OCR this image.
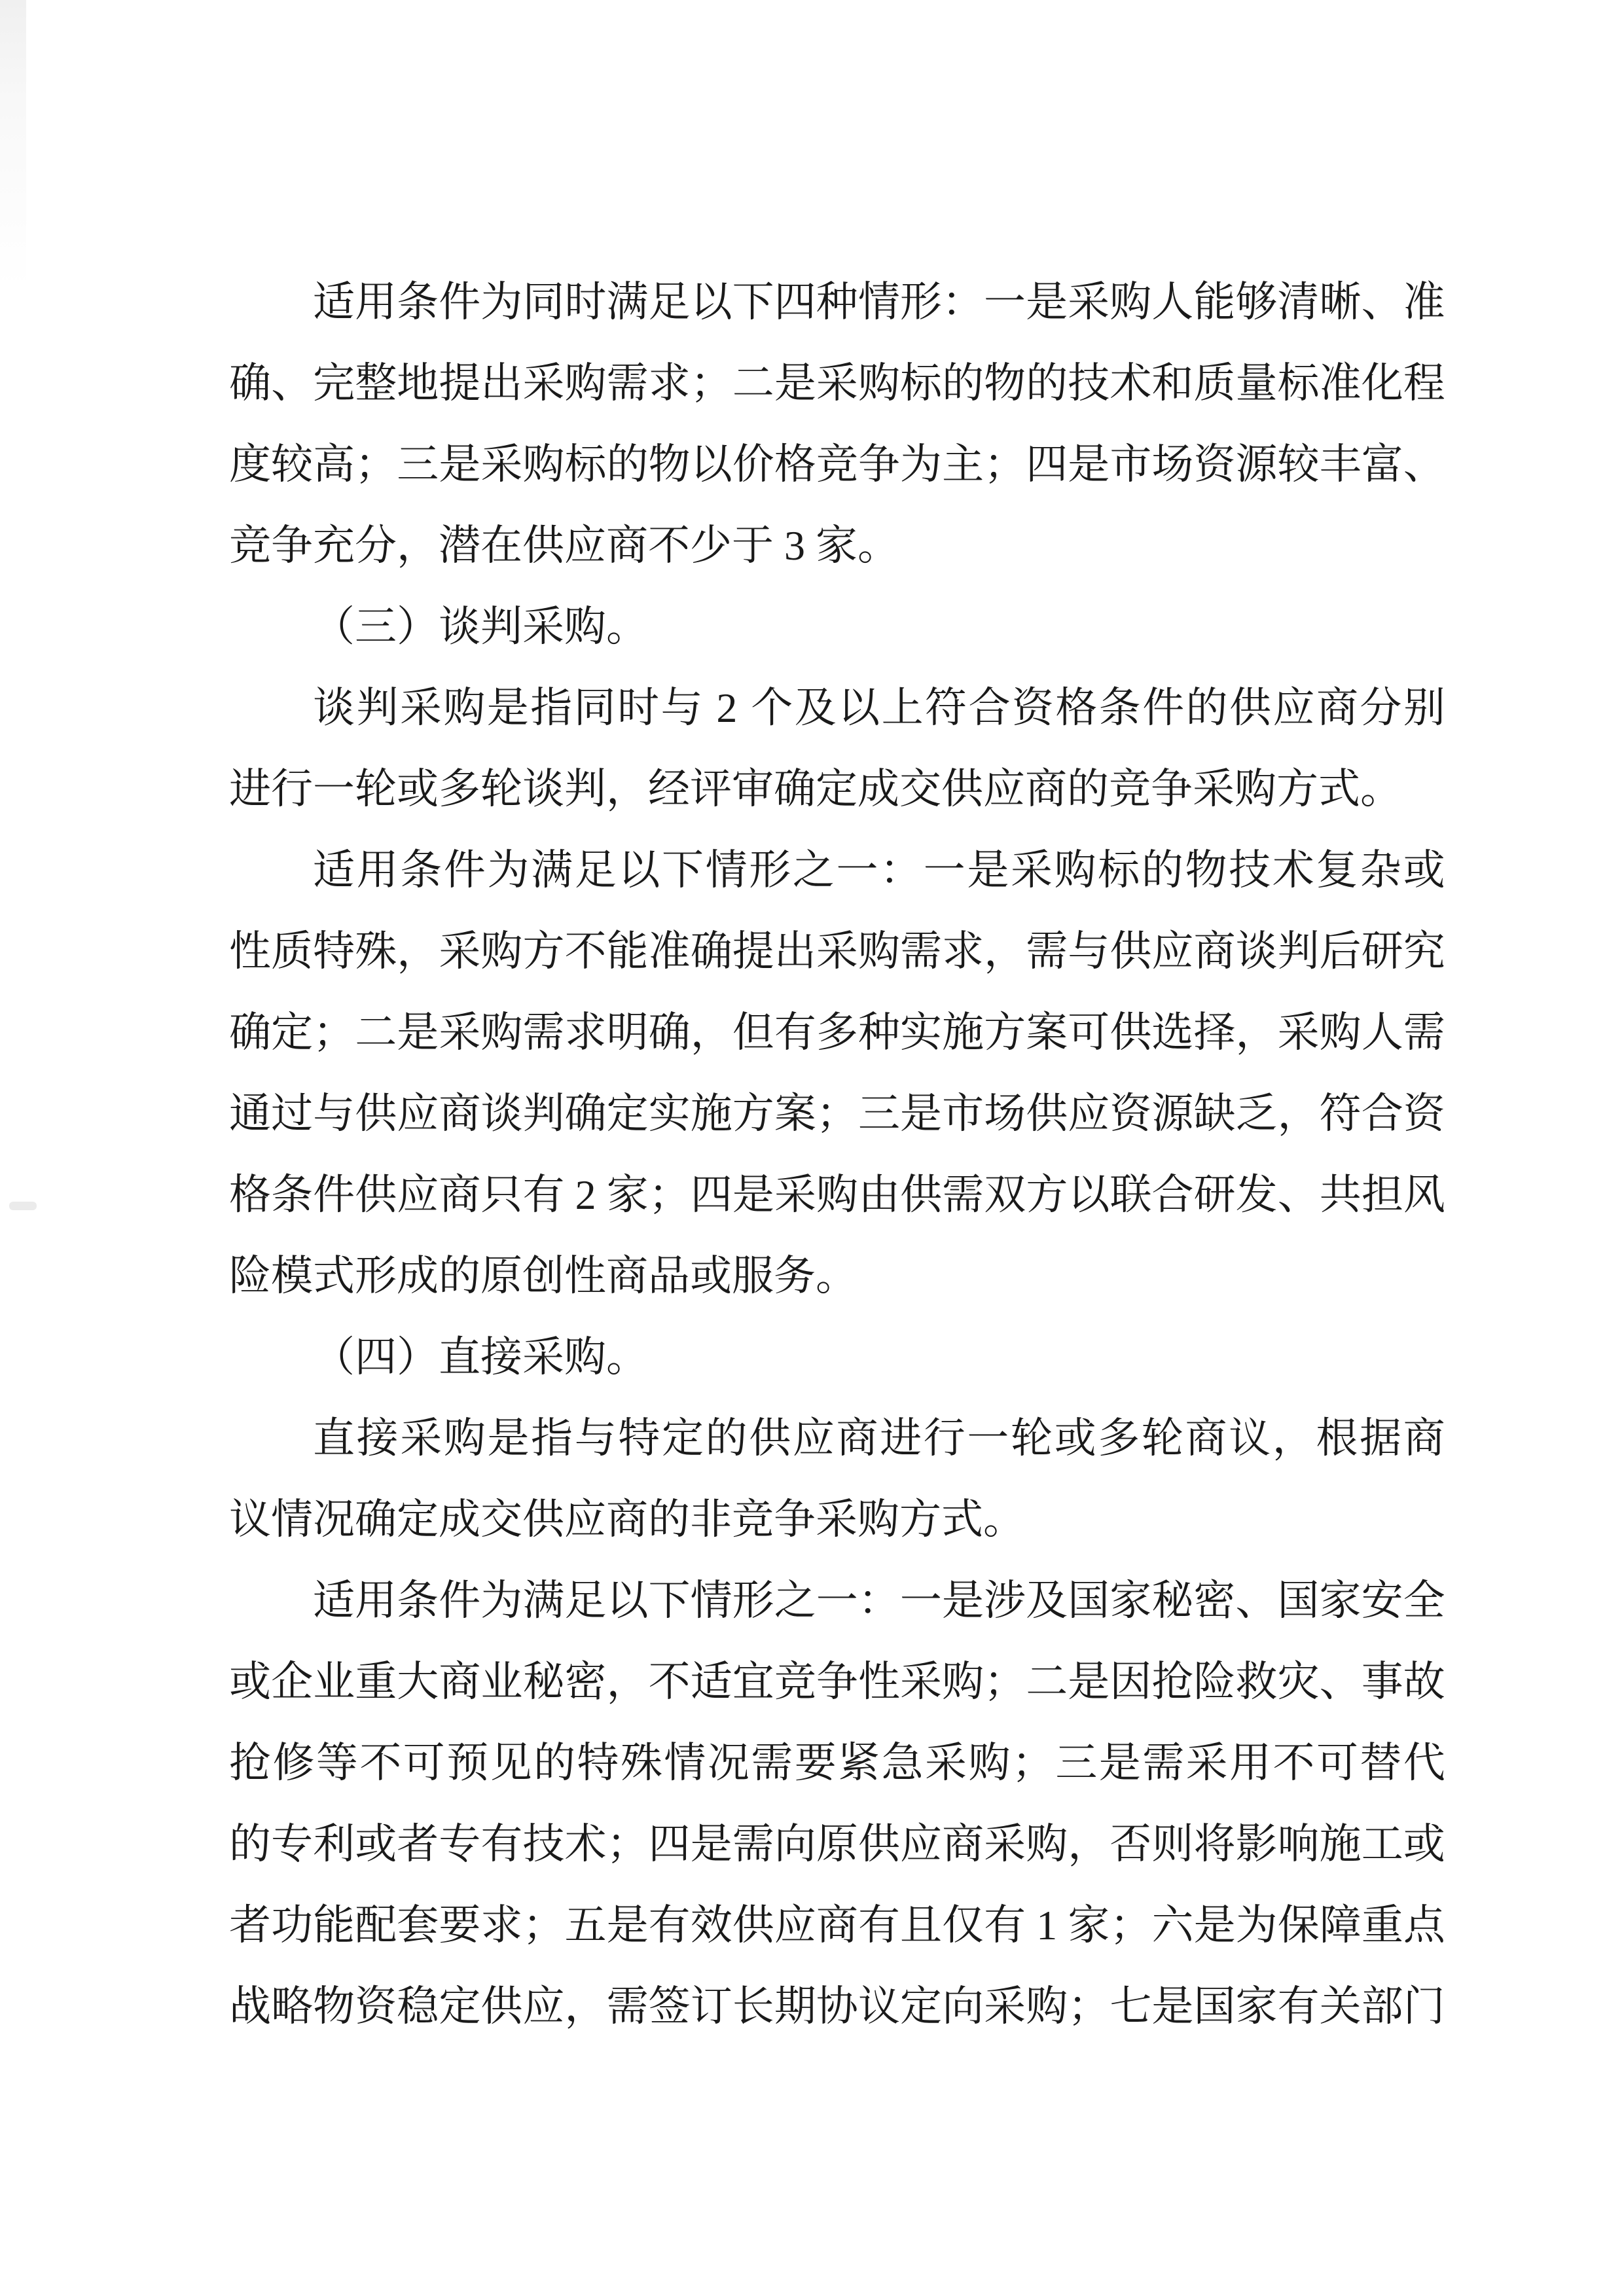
适 用 条 件 为 同 时 满 足 以 下 四 种 情 形 ： 一 是 采 购 人 能 够 清 晰 、 准
确 、 完 整 地 提 出 采 购 需 求 ； 二 是 采 购 标 的 物 的 技 术 和 质 量 标 准 化 程
度 较 高 ； 三 是 采 购 标 的 物 以 价 格 竞 争 为 主 ； 四 是 市 场 资 源 较 丰 富 、
竞争充分，潜在供应商不少于 3 家。
（三）谈判采购。
谈 判 采 购 是 指 同 时 与
2
个 及 以 上 符 合 资 格 条 件 的 供 应 商 分 别
进行一轮或多轮谈判，经评审确定成交供应商的竞争采购方式。
适 用 条 件 为 满 足 以 下 情 形 之 一 ： 一 是 采 购 标 的 物 技 术 复 杂 或
性 质 特 殊 ， 采 购 方 不 能 准 确 提 出 采 购 需 求 ， 需 与 供 应 商 谈 判 后 研 究
确 定 ； 二 是 采 购 需 求 明 确 ， 但 有 多 种 实 施 方 案 可 供 选 择 ， 采 购 人 需
通 过 与 供 应 商 谈 判 确 定 实 施 方 案 ； 三 是 市 场 供 应 资 源 缺 乏 ， 符 合 资
格 条 件 供 应 商 只 有
2
家 ； 四 是 采 购 由 供 需 双 方 以 联 合 研 发 、 共 担 风
险模式形成的原创性商品或服务。
（四）直接采购。
直 接 采 购 是 指 与 特 定 的 供 应 商 进 行 一 轮 或 多 轮 商 议 ， 根 据 商
议情况确定成交供应商的非竞争采购方式。
适 用 条 件 为 满 足 以 下 情 形 之 一 ： 一 是 涉 及 国 家 秘 密 、 国 家 安 全
或 企 业 重 大 商 业 秘 密 ， 不 适 宜 竞 争 性 采 购 ； 二 是 因 抢 险 救 灾 、 事 故
抢 修 等 不 可 预 见 的 特 殊 情 况 需 要 紧 急 采 购 ； 三 是 需 采 用 不 可 替 代
的 专 利 或 者 专 有 技 术 ； 四 是 需 向 原 供 应 商 采 购 ， 否 则 将 影 响 施 工 或
者 功 能 配 套 要 求 ； 五 是 有 效 供 应 商 有 且 仅 有
1
家 ； 六 是 为 保 障 重 点
战 略 物 资 稳 定 供 应 ， 需 签 订 长 期 协 议 定 向 采 购 ； 七 是 国 家 有 关 部 门
